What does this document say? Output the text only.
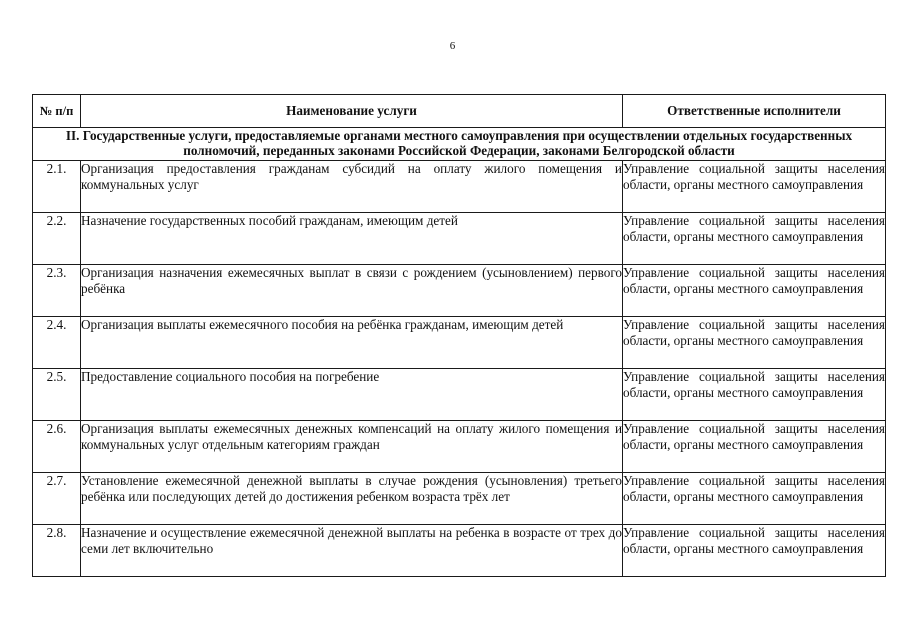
6
№ п/п	Наименование услуги	Ответственные исполнители
II. Государственные услуги, предоставляемые органами местного самоуправления при осуществлении отдельных государственных полномочий, переданных законами Российской Федерации, законами Белгородской области		
2.1.	Организация предоставления гражданам субсидий на оплату жилого помещения и коммунальных услуг	Управление социальной защиты населения области, органы местного самоуправления
2.2.	Назначение государственных пособий гражданам, имеющим детей	Управление социальной защиты населения области, органы местного самоуправления
2.3.	Организация назначения ежемесячных выплат в связи с рождением (усыновлением) первого ребёнка	Управление социальной защиты населения области, органы местного самоуправления
2.4.	Организация выплаты ежемесячного пособия на ребёнка гражданам, имеющим детей	Управление социальной защиты населения области, органы местного самоуправления
2.5.	Предоставление социального пособия на погребение	Управление социальной защиты населения области, органы местного самоуправления
2.6.	Организация выплаты ежемесячных денежных компенсаций на оплату жилого помещения и коммунальных услуг отдельным категориям граждан	Управление социальной защиты населения области, органы местного самоуправления
2.7.	Установление ежемесячной денежной выплаты в случае рождения (усыновления) третьего ребёнка или последующих детей до достижения ребенком возраста трёх лет	Управление социальной защиты населения области, органы местного самоуправления
2.8.	Назначение и осуществление ежемесячной денежной выплаты на ребенка в возрасте от трех до семи лет включительно	Управление социальной защиты населения области, органы местного самоуправления
